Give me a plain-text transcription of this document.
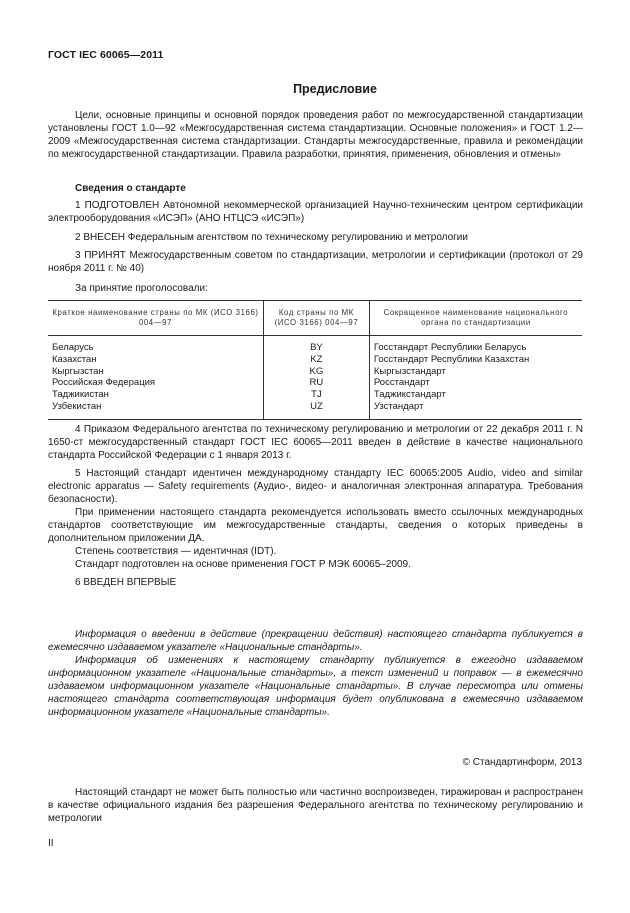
ГОСТ IEC 60065—2011
Предисловие

Цели, основные принципы и основной порядок проведения работ по межгосударственной стандартизации установлены ГОСТ 1.0—92 «Межгосударственная система стандартизации. Основные положения» и ГОСТ 1.2—2009 «Межгосударственная система стандартизации. Стандарты межгосударственные, правила и рекомендации по межгосударственной стандартизации. Правила разработки, принятия, применения, обновления и отмены»

Сведения о стандарте

1 ПОДГОТОВЛЕН Автономной некоммерческой организацией Научно-техническим центром сертификации электрооборудования «ИСЭП» (АНО НТЦСЭ «ИСЭП»)

2 ВНЕСЕН Федеральным агентством по техническому регулированию и метрологии

3 ПРИНЯТ Межгосударственным советом по стандартизации, метрологии и сертификации (протокол от 29 ноября 2011 г. № 40)

За принятие проголосовали:

Краткое наименование страны по МК (ИСО 3166) 004—97	Код страны по МК (ИСО 3166) 004—97	Сокращенное наименование национального органа по стандартизации
Беларусь	BY	Госстандарт Республики Беларусь
Казахстан	KZ	Госстандарт Республики Казахстан
Кыргызстан	KG	Кыргызстандарт
Российская Федерация	RU	Росстандарт
Таджикистан	TJ	Таджикстандарт
Узбекистан	UZ	Узстандарт

4 Приказом Федерального агентства по техническому регулированию и метрологии от 22 декабря 2011 г. N 1650-ст межгосударственный стандарт ГОСТ IEC 60065—2011 введен в действие в качестве национального стандарта Российской Федерации с 1 января 2013 г.

5 Настоящий стандарт идентичен международному стандарту IEC 60065:2005 Audio, video and similar electronic apparatus — Safety requirements (Аудио-, видео- и аналогичная электронная аппаратура. Требования безопасности).

При применении настоящего стандарта рекомендуется использовать вместо ссылочных международных стандартов соответствующие им межгосударственные стандарты, сведения о которых приведены в дополнительном приложении ДА.

Степень соответствия — идентичная (IDT).

Стандарт подготовлен на основе применения ГОСТ Р МЭК 60065–2009.

6 ВВЕДЕН ВПЕРВЫЕ

Информация о введении в действие (прекращении действия) настоящего стандарта публикуется в ежемесячно издаваемом указателе «Национальные стандарты».

Информация об изменениях к настоящему стандарту публикуется в ежегодно издаваемом информационном указателе «Национальные стандарты», а текст изменений и поправок — в ежемесячно издаваемом информационном указателе «Национальные стандарты». В случае пересмотра или отмены настоящего стандарта соответствующая информация будет опубликована в ежемесячно издаваемом информационном указателе «Национальные стандарты».

© Стандартинформ, 2013

Настоящий стандарт не может быть полностью или частично воспроизведен, тиражирован и распространен в качестве официального издания без разрешения Федерального агентства по техническому регулированию и метрологии

II
